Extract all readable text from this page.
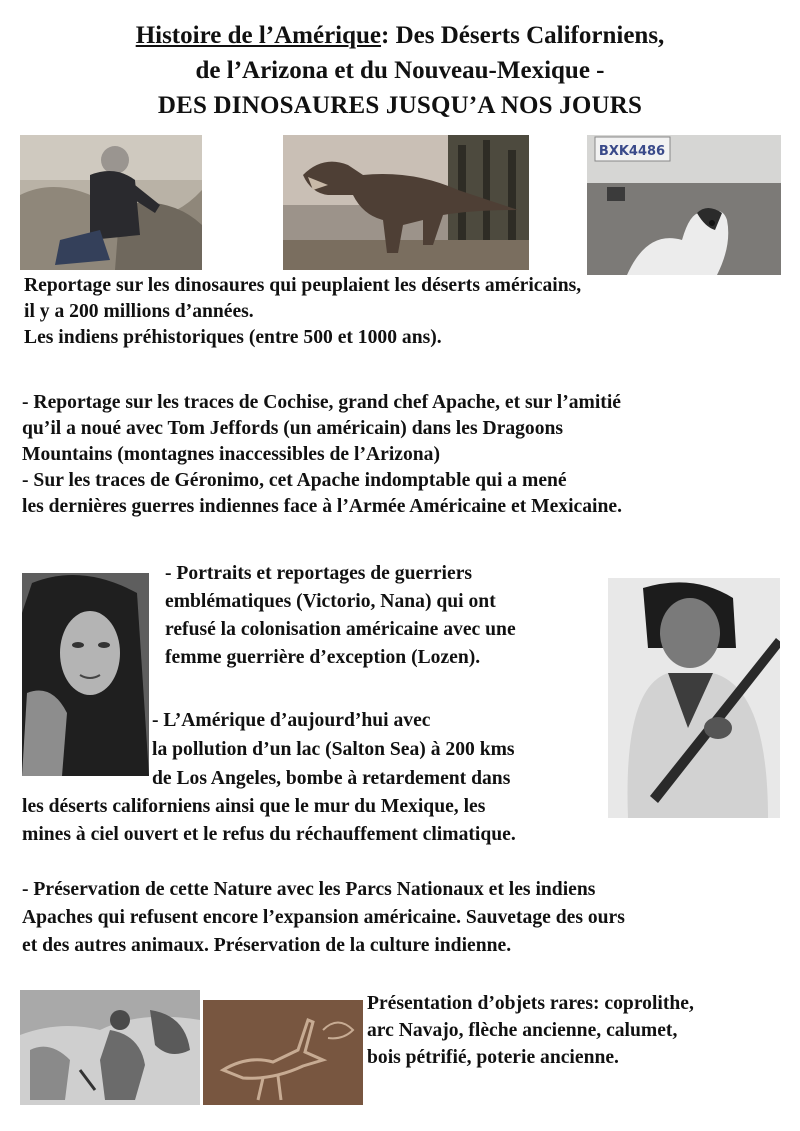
Histoire de l’Amérique: Des Déserts Californiens,
de l’Arizona et du Nouveau-Mexique -
DES DINOSAURES JUSQU’A NOS JOURS
BXK4486
Reportage sur les dinosaures qui peuplaient les déserts américains,
il y a 200 millions d’années.
Les indiens préhistoriques (entre 500 et 1000 ans).
- Reportage sur les traces de Cochise, grand chef Apache, et sur l’amitié
qu’il a noué avec Tom Jeffords (un américain) dans les Dragoons
Mountains (montagnes inaccessibles de l’Arizona)
- Sur les traces de Géronimo, cet Apache indomptable qui a mené
les dernières guerres indiennes face à l’Armée Américaine et Mexicaine.
- Portraits et reportages de guerriers
emblématiques (Victorio, Nana) qui ont
refusé la colonisation américaine avec une
femme guerrière d’exception (Lozen).
- L’Amérique d’aujourd’hui avec
la pollution d’un lac (Salton Sea) à 200 kms
de Los Angeles, bombe à retardement dans
les déserts californiens ainsi que le mur du Mexique, les
mines à ciel ouvert et le refus du réchauffement climatique.
- Préservation de cette Nature avec les Parcs Nationaux et les indiens
Apaches qui refusent encore l’expansion américaine. Sauvetage des ours
et des autres animaux. Préservation de la culture indienne.
Présentation d’objets rares: coprolithe,
arc Navajo, flèche ancienne, calumet,
bois pétrifié, poterie ancienne.
